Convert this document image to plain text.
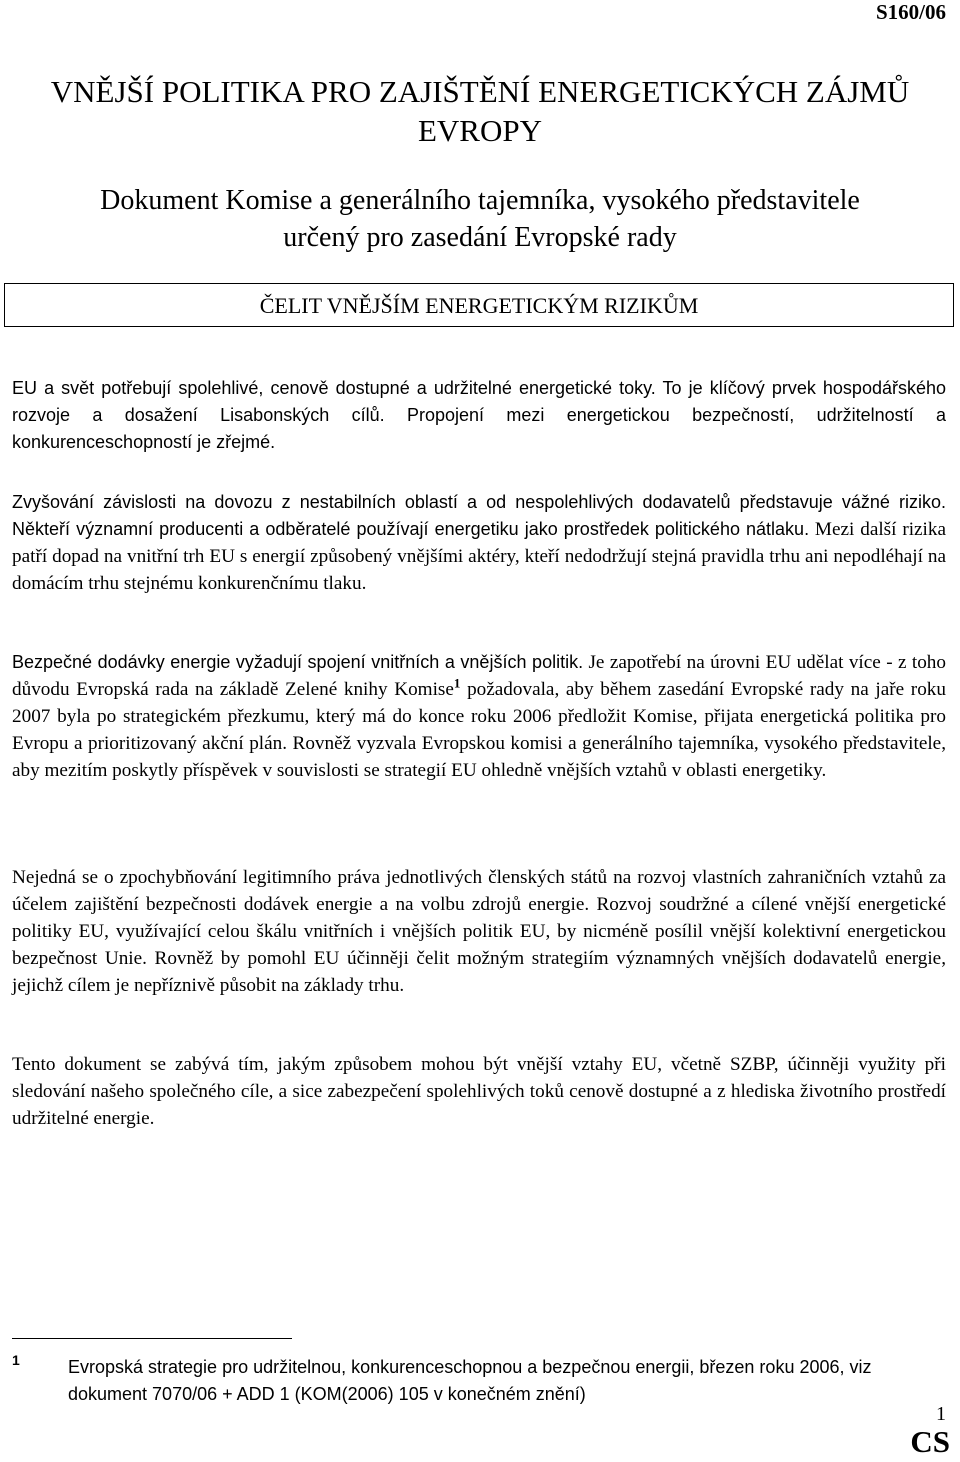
S160/06
VNĚJŠÍ POLITIKA PRO ZAJIŠTĚNÍ ENERGETICKÝCH ZÁJMŮ
EVROPY
Dokument Komise a generálního tajemníka, vysokého představitele
určený pro zasedání Evropské rady
ČELIT VNĚJŠÍM ENERGETICKÝM RIZIKŮM

EU a svět potřebují spolehlivé, cenově dostupné a udržitelné energetické toky. To je klíčový prvek hospodářského rozvoje a dosažení Lisabonských cílů. Propojení mezi energetickou bezpečností, udržitelností a konkurenceschopností je zřejmé.

Zvyšování závislosti na dovozu z nestabilních oblastí a od nespolehlivých dodavatelů představuje vážné riziko. Někteří významní producenti a odběratelé používají energetiku jako prostředek politického nátlaku. Mezi další rizika patří dopad na vnitřní trh EU s energií způsobený vnějšími aktéry, kteří nedodržují stejná pravidla trhu ani nepodléhají na domácím trhu stejnému konkurenčnímu tlaku.

Bezpečné dodávky energie vyžadují spojení vnitřních a vnějších politik. Je zapotřebí na úrovni EU udělat více - z toho důvodu Evropská rada na základě Zelené knihy Komise$^1$ požadovala, aby během zasedání Evropské rady na jaře roku 2007 byla po strategickém přezkumu, který má do konce roku 2006 předložit Komise, přijata energetická politika pro Evropu a prioritizovaný akční plán. Rovněž vyzvala Evropskou komisi a generálního tajemníka, vysokého představitele, aby mezitím poskytly příspěvek v souvislosti se strategií EU ohledně vnějších vztahů v oblasti energetiky.

Nejedná se o zpochybňování legitimního práva jednotlivých členských států na rozvoj vlastních zahraničních vztahů za účelem zajištění bezpečnosti dodávek energie a na volbu zdrojů energie. Rozvoj soudržné a cílené vnější energetické politiky EU, využívající celou škálu vnitřních i vnějších politik EU, by nicméně posílil vnější kolektivní energetickou bezpečnost Unie. Rovněž by pomohl EU účinněji čelit možným strategiím významných vnějších dodavatelů energie, jejichž cílem je nepříznivě působit na základy trhu.

Tento dokument se zabývá tím, jakým způsobem mohou být vnější vztahy EU, včetně SZBP, účinněji využity při sledování našeho společného cíle, a sice zabezpečení spolehlivých toků cenově dostupné a z hlediska životního prostředí udržitelné energie.

1	Evropská strategie pro udržitelnou, konkurenceschopnou a bezpečnou energii, březen roku 2006, viz dokument 7070/06 + ADD 1 (KOM(2006) 105 v konečném znění)

1
CS
